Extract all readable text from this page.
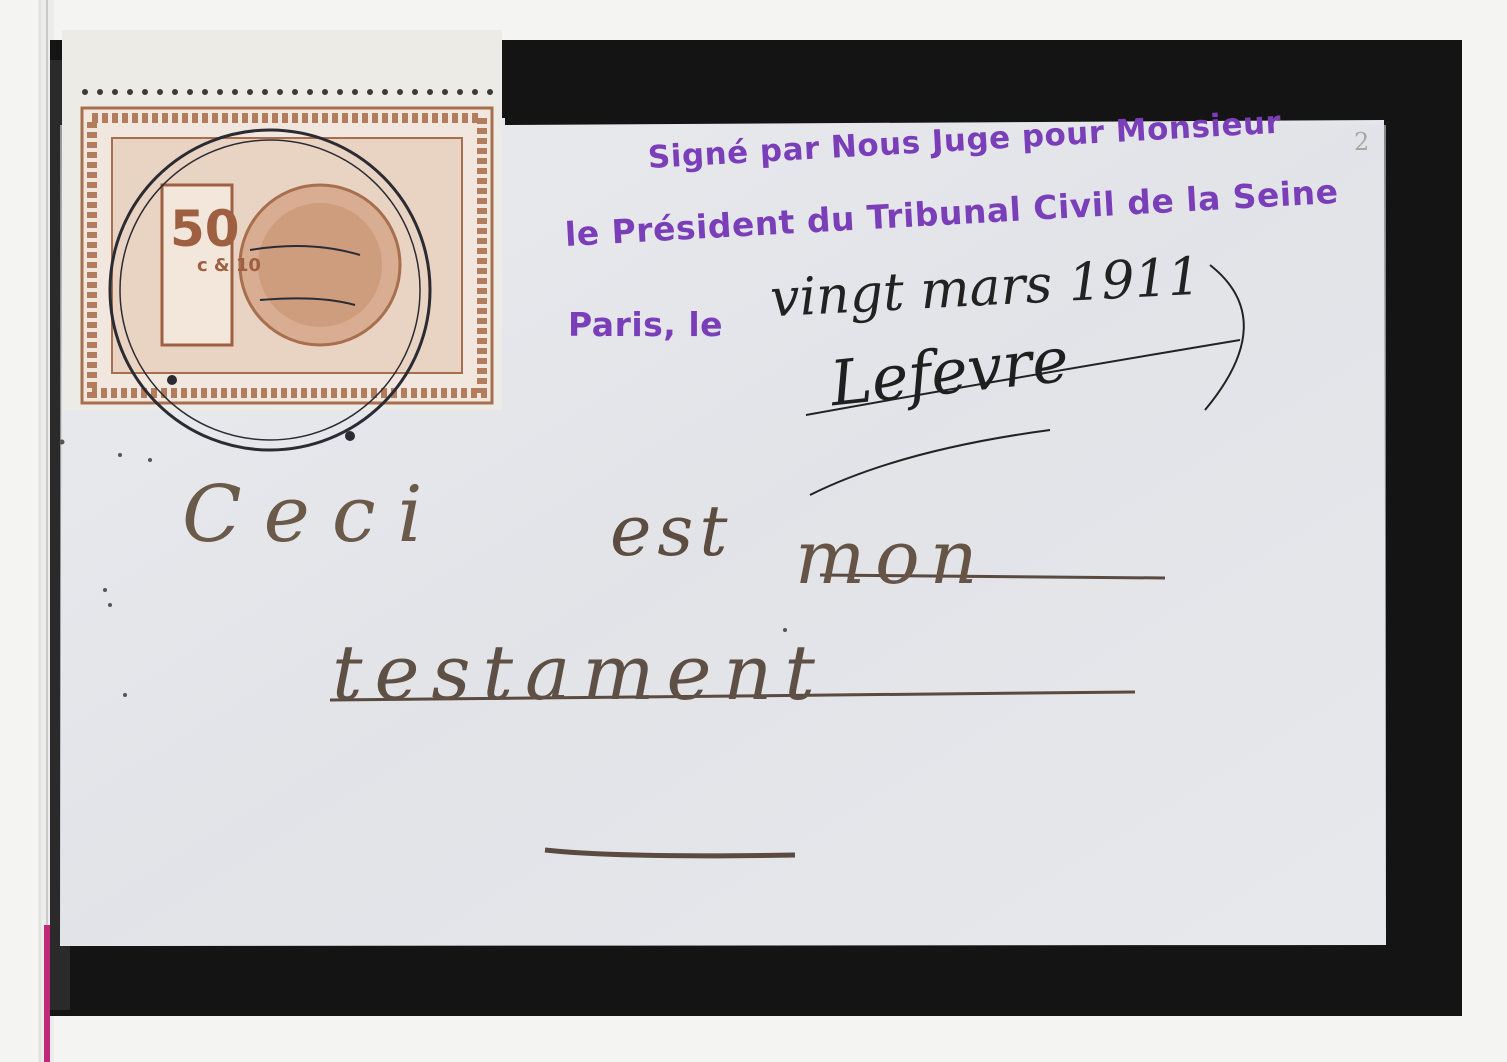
50
c & 10
Signé par Nous Juge pour Monsieur
le Président du Tribunal Civil de la Seine
Paris, le vingt mars 1911
Lefevre
Ceci est mon
testament
2
